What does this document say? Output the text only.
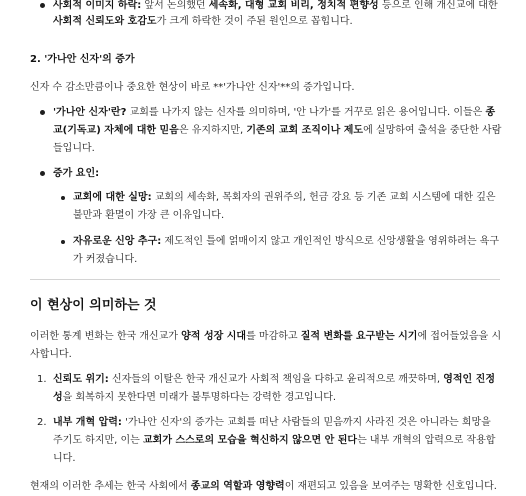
사회적 이미지 하락: 앞서 논의했던 세속화, 대형 교회 비리, 정치적 편향성 등으로 인해 개신교에 대한

사회적 신뢰도와 호감도가 크게 하락한 것이 주된 원인으로 꼽힙니다.

2. '가나안 신자'의 증가

신자 수 감소만큼이나 중요한 현상이 바로 **'가나안 신자'**의 증가입니다.

'가나안 신자'란? 교회를 나가지 않는 신자를 의미하며, '안 나가'를 거꾸로 읽은 용어입니다. 이들은 종

교(기독교) 자체에 대한 믿음은 유지하지만, 기존의 교회 조직이나 제도에 실망하여 출석을 중단한 사람

들입니다.

증가 요인:

교회에 대한 실망: 교회의 세속화, 목회자의 권위주의, 헌금 강요 등 기존 교회 시스템에 대한 깊은

불만과 환멸이 가장 큰 이유입니다.

자유로운 신앙 추구: 제도적인 틀에 얽매이지 않고 개인적인 방식으로 신앙생활을 영위하려는 욕구

가 커졌습니다.

이 현상이 의미하는 것

이러한 통계 변화는 한국 개신교가 양적 성장 시대를 마감하고 질적 변화를 요구받는 시기에 접어들었음을 시

사합니다.

1. 신뢰도 위기: 신자들의 이탈은 한국 개신교가 사회적 책임을 다하고 윤리적으로 깨끗하며, 영적인 진정

성을 회복하지 못한다면 미래가 불투명하다는 강력한 경고입니다.

2. 내부 개혁 압력: '가나안 신자'의 증가는 교회를 떠난 사람들의 믿음까지 사라진 것은 아니라는 희망을

주기도 하지만, 이는 교회가 스스로의 모습을 혁신하지 않으면 안 된다는 내부 개혁의 압력으로 작용합

니다.

현재의 이러한 추세는 한국 사회에서 종교의 역할과 영향력이 재편되고 있음을 보여주는 명확한 신호입니다.
